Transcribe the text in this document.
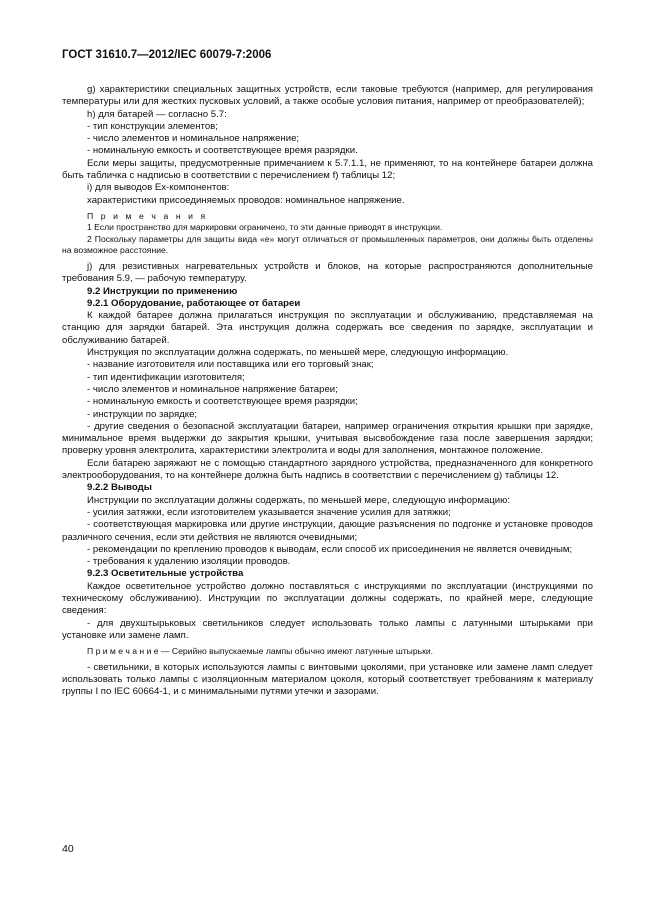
ГОСТ 31610.7—2012/IEC 60079-7:2006

g) характеристики специальных защитных устройств, если таковые требуются (например, для регулирования температуры или для жестких пусковых условий, а также особые условия питания, например от преобразователей);

h) для батарей — согласно 5.7:

- тип конструкции элементов;

- число элементов и номинальное напряжение;

- номинальную емкость и соответствующее время разрядки.

Если меры защиты, предусмотренные примечанием к 5.7.1.1, не применяют, то на контейнере батареи должна быть табличка с надписью в соответствии с перечислением f) таблицы 12;

i) для выводов Ex-компонентов:

характеристики присоединяемых проводов: номинальное напряжение.

П р и м е ч а н и я

1 Если пространство для маркировки ограничено, то эти данные приводят в инструкции.

2 Поскольку параметры для защиты вида «е» могут отличаться от промышленных параметров, они должны быть отделены на возможное расстояние.

j) для резистивных нагревательных устройств и блоков, на которые распространяются дополнительные требования 5.9, — рабочую температуру.

9.2 Инструкции по применению

9.2.1 Оборудование, работающее от батареи

К каждой батарее должна прилагаться инструкция по эксплуатации и обслуживанию, представляемая на станцию для зарядки батарей. Эта инструкция должна содержать все сведения по зарядке, эксплуатации и обслуживанию батарей.

Инструкция по эксплуатации должна содержать, по меньшей мере, следующую информацию.

- название изготовителя или поставщика или его торговый знак;

- тип идентификации изготовителя;

- число элементов и номинальное напряжение батареи;

- номинальную емкость и соответствующее время разрядки;

- инструкции по зарядке;

- другие сведения о безопасной эксплуатации батареи, например ограничения открытия крышки при зарядке, минимальное время выдержки до закрытия крышки, учитывая высвобождение газа после завершения зарядки; проверку уровня электролита, характеристики электролита и воды для заполнения, монтажное положение.

Если батарею заряжают не с помощью стандартного зарядного устройства, предназначенного для конкретного электрооборудования, то на контейнере должна быть надпись в соответствии с перечислением g) таблицы 12.

9.2.2 Выводы

Инструкции по эксплуатации должны содержать, по меньшей мере, следующую информацию:

- усилия затяжки, если изготовителем указывается значение усилия для затяжки;

- соответствующая маркировка или другие инструкции, дающие разъяснения по подгонке и установке проводов различного сечения, если эти действия не являются очевидными;

- рекомендации по креплению проводов к выводам, если способ их присоединения не является очевидным;

- требования к удалению изоляции проводов.

9.2.3 Осветительные устройства

Каждое осветительное устройство должно поставляться с инструкциями по эксплуатации (инструкциями по техническому обслуживанию). Инструкции по эксплуатации должны содержать, по крайней мере, следующие сведения:

- для двухштырьковых светильников следует использовать только лампы с латунными штырьками при установке или замене ламп.

П р и м е ч а н и е — Серийно выпускаемые лампы обычно имеют латунные штырьки.

- светильники, в которых используются лампы с винтовыми цоколями, при установке или замене ламп следует использовать только лампы с изоляционным материалом цоколя, который соответствует требованиям к материалу группы I по IEC 60664-1, и с минимальными путями утечки и зазорами.

40
